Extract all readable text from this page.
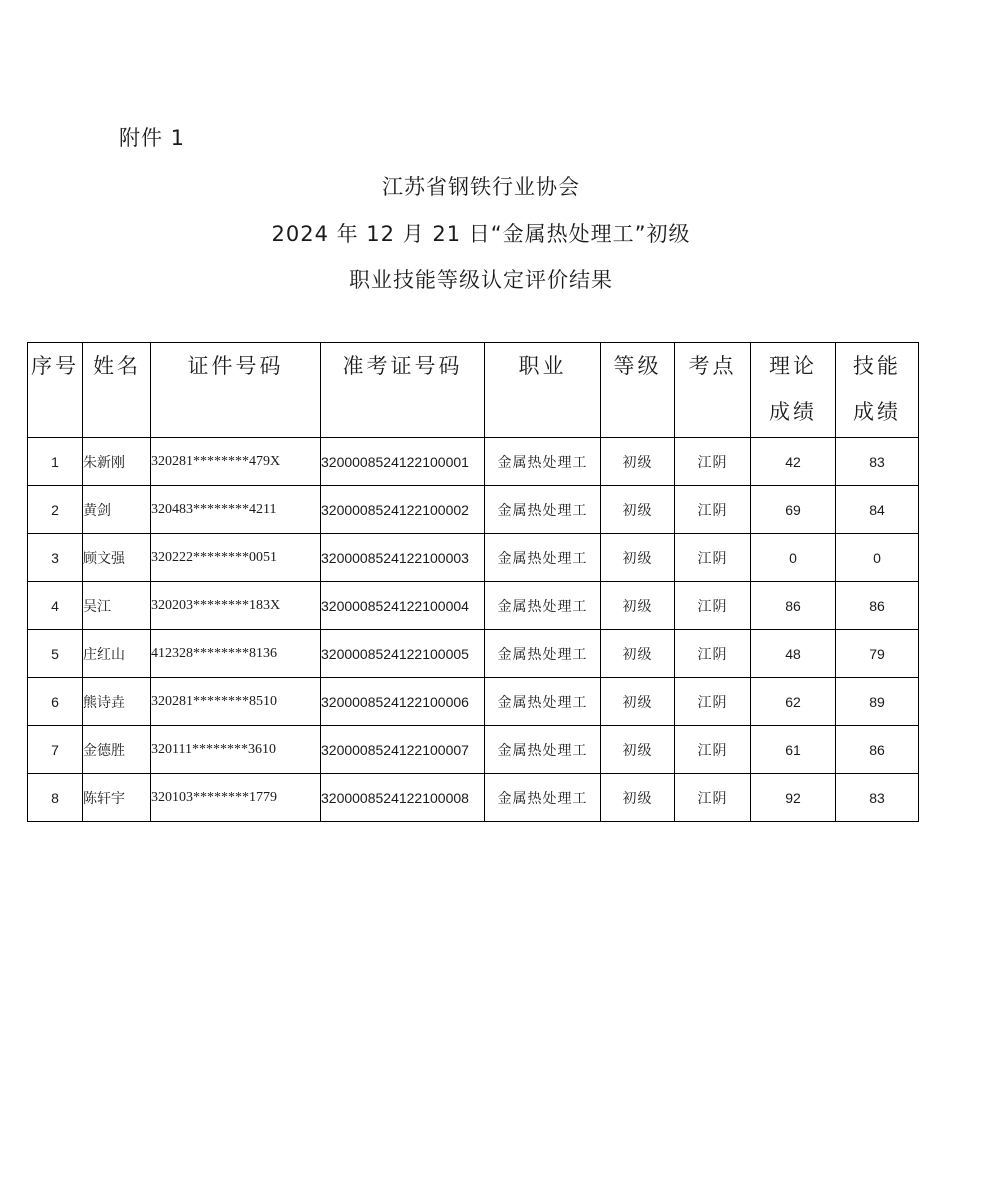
附件 1
江苏省钢铁行业协会
2024 年 12 月 21 日“金属热处理工”初级
职业技能等级认定评价结果
序号	姓名	证件号码	准考证号码	职业	等级	考点	理论成绩	技能成绩
1	朱新刚	320281********479X	3200008524122100001	金属热处理工	初级	江阴	42	83
2	黄剑	320483********4211	3200008524122100002	金属热处理工	初级	江阴	69	84
3	顾文强	320222********0051	3200008524122100003	金属热处理工	初级	江阴	0	0
4	吴江	320203********183X	3200008524122100004	金属热处理工	初级	江阴	86	86
5	庄红山	412328********8136	3200008524122100005	金属热处理工	初级	江阴	48	79
6	熊诗垚	320281********8510	3200008524122100006	金属热处理工	初级	江阴	62	89
7	金德胜	320111********3610	3200008524122100007	金属热处理工	初级	江阴	61	86
8	陈轩宇	320103********1779	3200008524122100008	金属热处理工	初级	江阴	92	83
